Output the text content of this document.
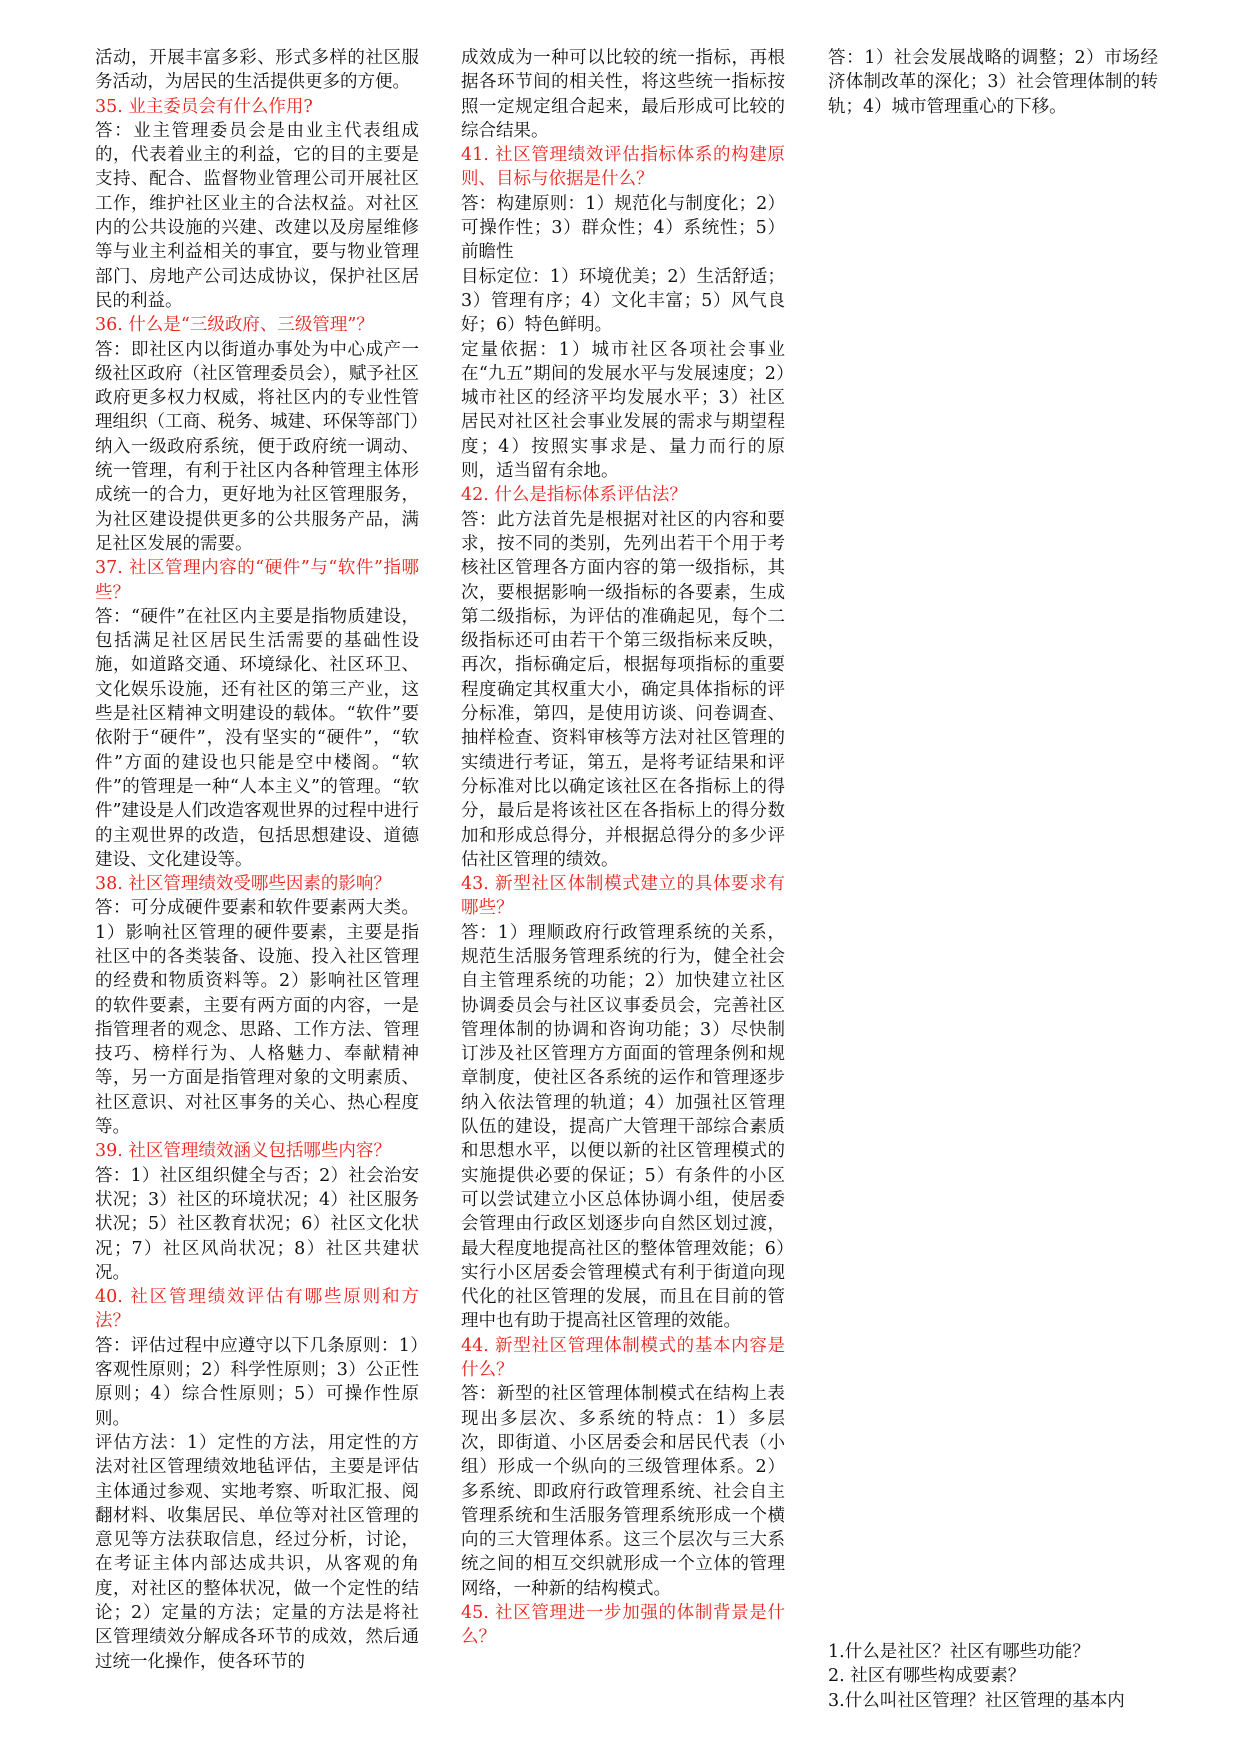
活动，开展丰富多彩、形式多样的社区服务活动，为居民的生活提供更多的方便。

35. 业主委员会有什么作用?

答：业主管理委员会是由业主代表组成的，代表着业主的利益，它的目的主要是支持、配合、监督物业管理公司开展社区工作，维护社区业主的合法权益。对社区内的公共设施的兴建、改建以及房屋维修等与业主利益相关的事宜，要与物业管理部门、房地产公司达成协议，保护社区居民的利益。

36. 什么是“三级政府、三级管理”？

答：即社区内以街道办事处为中心成产一级社区政府（社区管理委员会），赋予社区政府更多权力权威，将社区内的专业性管理组织（工商、税务、城建、环保等部门）纳入一级政府系统，便于政府统一调动、统一管理，有利于社区内各种管理主体形成统一的合力，更好地为社区管理服务，为社区建设提供更多的公共服务产品，满足社区发展的需要。

37. 社区管理内容的“硬件”与“软件”指哪些？

答：“硬件”在社区内主要是指物质建设，包括满足社区居民生活需要的基础性设施，如道路交通、环境绿化、社区环卫、文化娱乐设施，还有社区的第三产业，这些是社区精神文明建设的载体。“软件”要依附于“硬件”，没有坚实的“硬件”，“软件”方面的建设也只能是空中楼阁。“软件”的管理是一种“人本主义”的管理。“软件”建设是人们改造客观世界的过程中进行的主观世界的改造，包括思想建设、道德建设、文化建设等。

38. 社区管理绩效受哪些因素的影响？

答：可分成硬件要素和软件要素两大类。1）影响社区管理的硬件要素，主要是指社区中的各类装备、设施、投入社区管理的经费和物质资料等。2）影响社区管理的软件要素，主要有两方面的内容，一是指管理者的观念、思路、工作方法、管理技巧、榜样行为、人格魅力、奉献精神等，另一方面是指管理对象的文明素质、社区意识、对社区事务的关心、热心程度等。

39. 社区管理绩效涵义包括哪些内容？

答：1）社区组织健全与否；2）社会治安状况；3）社区的环境状况；4）社区服务状况；5）社区教育状况；6）社区文化状况；7）社区风尚状况；8）社区共建状况。

40. 社区管理绩效评估有哪些原则和方法？

答：评估过程中应遵守以下几条原则：1）客观性原则；2）科学性原则；3）公正性原则；4）综合性原则；5）可操作性原则。

评估方法：1）定性的方法，用定性的方法对社区管理绩效地毡评估，主要是评估主体通过参观、实地考察、听取汇报、阅翻材料、收集居民、单位等对社区管理的意见等方法获取信息，经过分析，讨论，在考证主体内部达成共识，从客观的角度，对社区的整体状况，做一个定性的结论；2）定量的方法；定量的方法是将社区管理绩效分解成各环节的成效，然后通过统一化操作，使各环节的

成效成为一种可以比较的统一指标，再根据各环节间的相关性，将这些统一指标按照一定规定组合起来，最后形成可比较的综合结果。

41. 社区管理绩效评估指标体系的构建原则、目标与依据是什么？

答：构建原则：1）规范化与制度化；2）可操作性；3）群众性；4）系统性；5）前瞻性

目标定位：1）环境优美；2）生活舒适；3）管理有序；4）文化丰富；5）风气良好；6）特色鲜明。

定量依据：1）城市社区各项社会事业在“九五”期间的发展水平与发展速度；2）城市社区的经济平均发展水平；3）社区居民对社区社会事业发展的需求与期望程度；4）按照实事求是、量力而行的原则，适当留有余地。

42. 什么是指标体系评估法？

答：此方法首先是根据对社区的内容和要求，按不同的类别，先列出若干个用于考核社区管理各方面内容的第一级指标，其次，要根据影响一级指标的各要素，生成第二级指标，为评估的准确起见，每个二级指标还可由若干个第三级指标来反映，再次，指标确定后，根据每项指标的重要程度确定其权重大小，确定具体指标的评分标准，第四，是使用访谈、问卷调查、抽样检查、资料审核等方法对社区管理的实绩进行考证，第五，是将考证结果和评分标准对比以确定该社区在各指标上的得分，最后是将该社区在各指标上的得分数加和形成总得分，并根据总得分的多少评估社区管理的绩效。

43. 新型社区体制模式建立的具体要求有哪些？

答：1）理顺政府行政管理系统的关系，规范生活服务管理系统的行为，健全社会自主管理系统的功能；2）加快建立社区协调委员会与社区议事委员会，完善社区管理体制的协调和咨询功能；3）尽快制订涉及社区管理方方面面的管理条例和规章制度，使社区各系统的运作和管理逐步纳入依法管理的轨道；4）加强社区管理队伍的建设，提高广大管理干部综合素质和思想水平，以便以新的社区管理模式的实施提供必要的保证；5）有条件的小区可以尝试建立小区总体协调小组，使居委会管理由行政区划逐步向自然区划过渡，最大程度地提高社区的整体管理效能；6）实行小区居委会管理模式有利于街道向现代化的社区管理的发展，而且在目前的管理中也有助于提高社区管理的效能。

44. 新型社区管理体制模式的基本内容是什么？

答：新型的社区管理体制模式在结构上表现出多层次、多系统的特点：1）多层次，即街道、小区居委会和居民代表（小组）形成一个纵向的三级管理体系。2）多系统、即政府行政管理系统、社会自主管理系统和生活服务管理系统形成一个横向的三大管理体系。这三个层次与三大系统之间的相互交织就形成一个立体的管理网络，一种新的结构模式。

45. 社区管理进一步加强的体制背景是什么？

答：1）社会发展战略的调整；2）市场经济体制改革的深化；3）社会管理体制的转轨；4）城市管理重心的下移。

1.什么是社区？社区有哪些功能？

2. 社区有哪些构成要素？

3.什么叫社区管理？社区管理的基本内
